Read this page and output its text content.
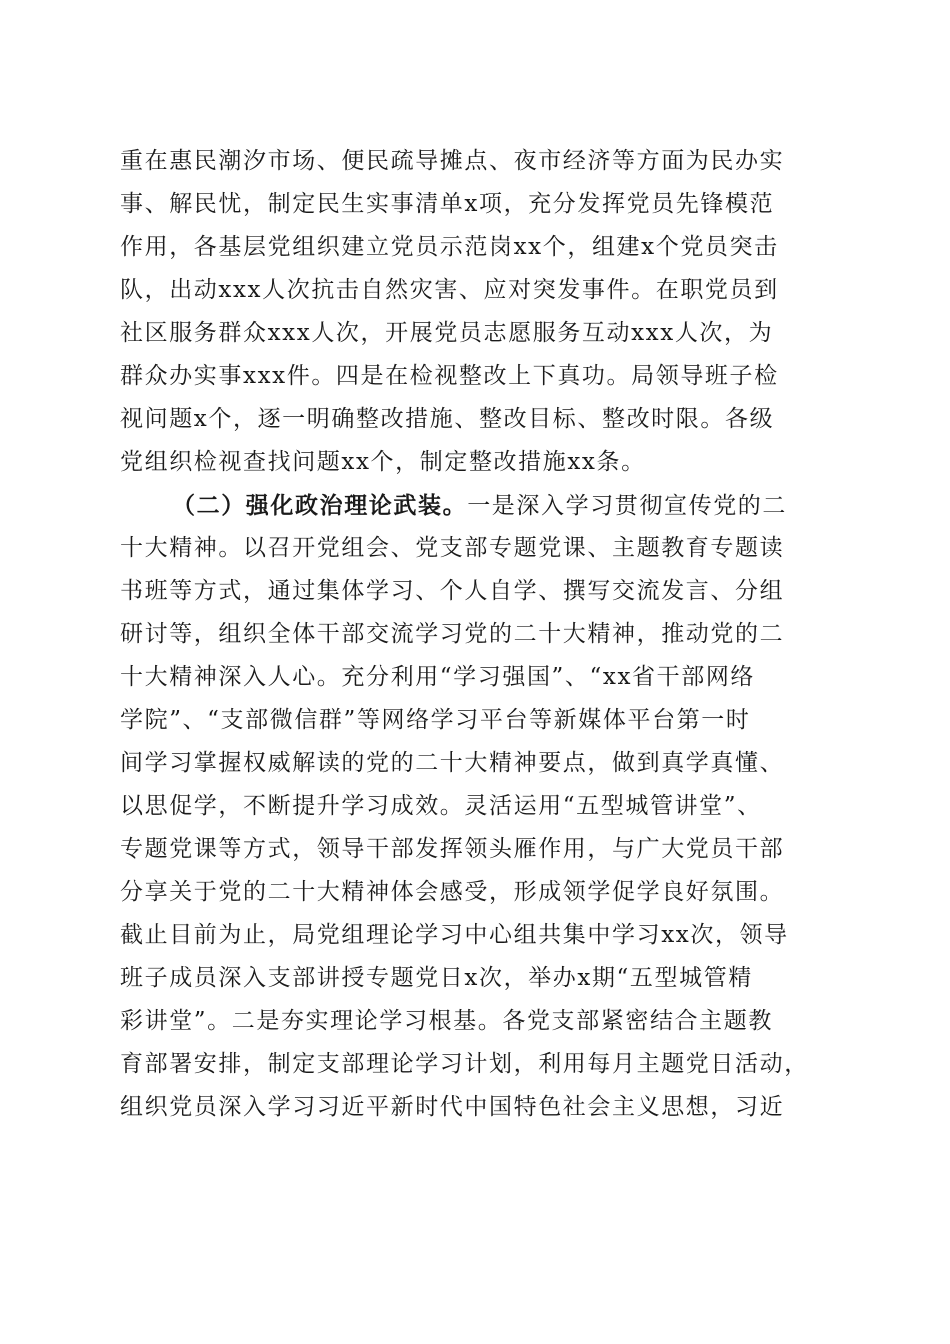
重在惠民潮汐市场、便民疏导摊点、夜市经济等方面为民办实
事、解民忧，制定民生实事清单x项，充分发挥党员先锋模范
作用，各基层党组织建立党员示范岗xx个，组建x个党员突击
队，出动xxx人次抗击自然灾害、应对突发事件。在职党员到
社区服务群众xxx人次，开展党员志愿服务互动xxx人次，为
群众办实事xxx件。四是在检视整改上下真功。局领导班子检
视问题x个，逐一明确整改措施、整改目标、整改时限。各级
党组织检视查找问题xx个，制定整改措施xx条。
（二）强化政治理论武装。一是深入学习贯彻宣传党的二
十大精神。以召开党组会、党支部专题党课、主题教育专题读
书班等方式，通过集体学习、个人自学、撰写交流发言、分组
研讨等，组织全体干部交流学习党的二十大精神，推动党的二
十大精神深入人心。充分利用“学习强国”、“xx省干部网络
学院”、“支部微信群”等网络学习平台等新媒体平台第一时
间学习掌握权威解读的党的二十大精神要点，做到真学真懂、
以思促学，不断提升学习成效。灵活运用“五型城管讲堂”、
专题党课等方式，领导干部发挥领头雁作用，与广大党员干部
分享关于党的二十大精神体会感受，形成领学促学良好氛围。
截止目前为止，局党组理论学习中心组共集中学习xx次，领导
班子成员深入支部讲授专题党日x次，举办x期“五型城管精
彩讲堂”。二是夯实理论学习根基。各党支部紧密结合主题教
育部署安排，制定支部理论学习计划，利用每月主题党日活动，
组织党员深入学习习近平新时代中国特色社会主义思想，习近
